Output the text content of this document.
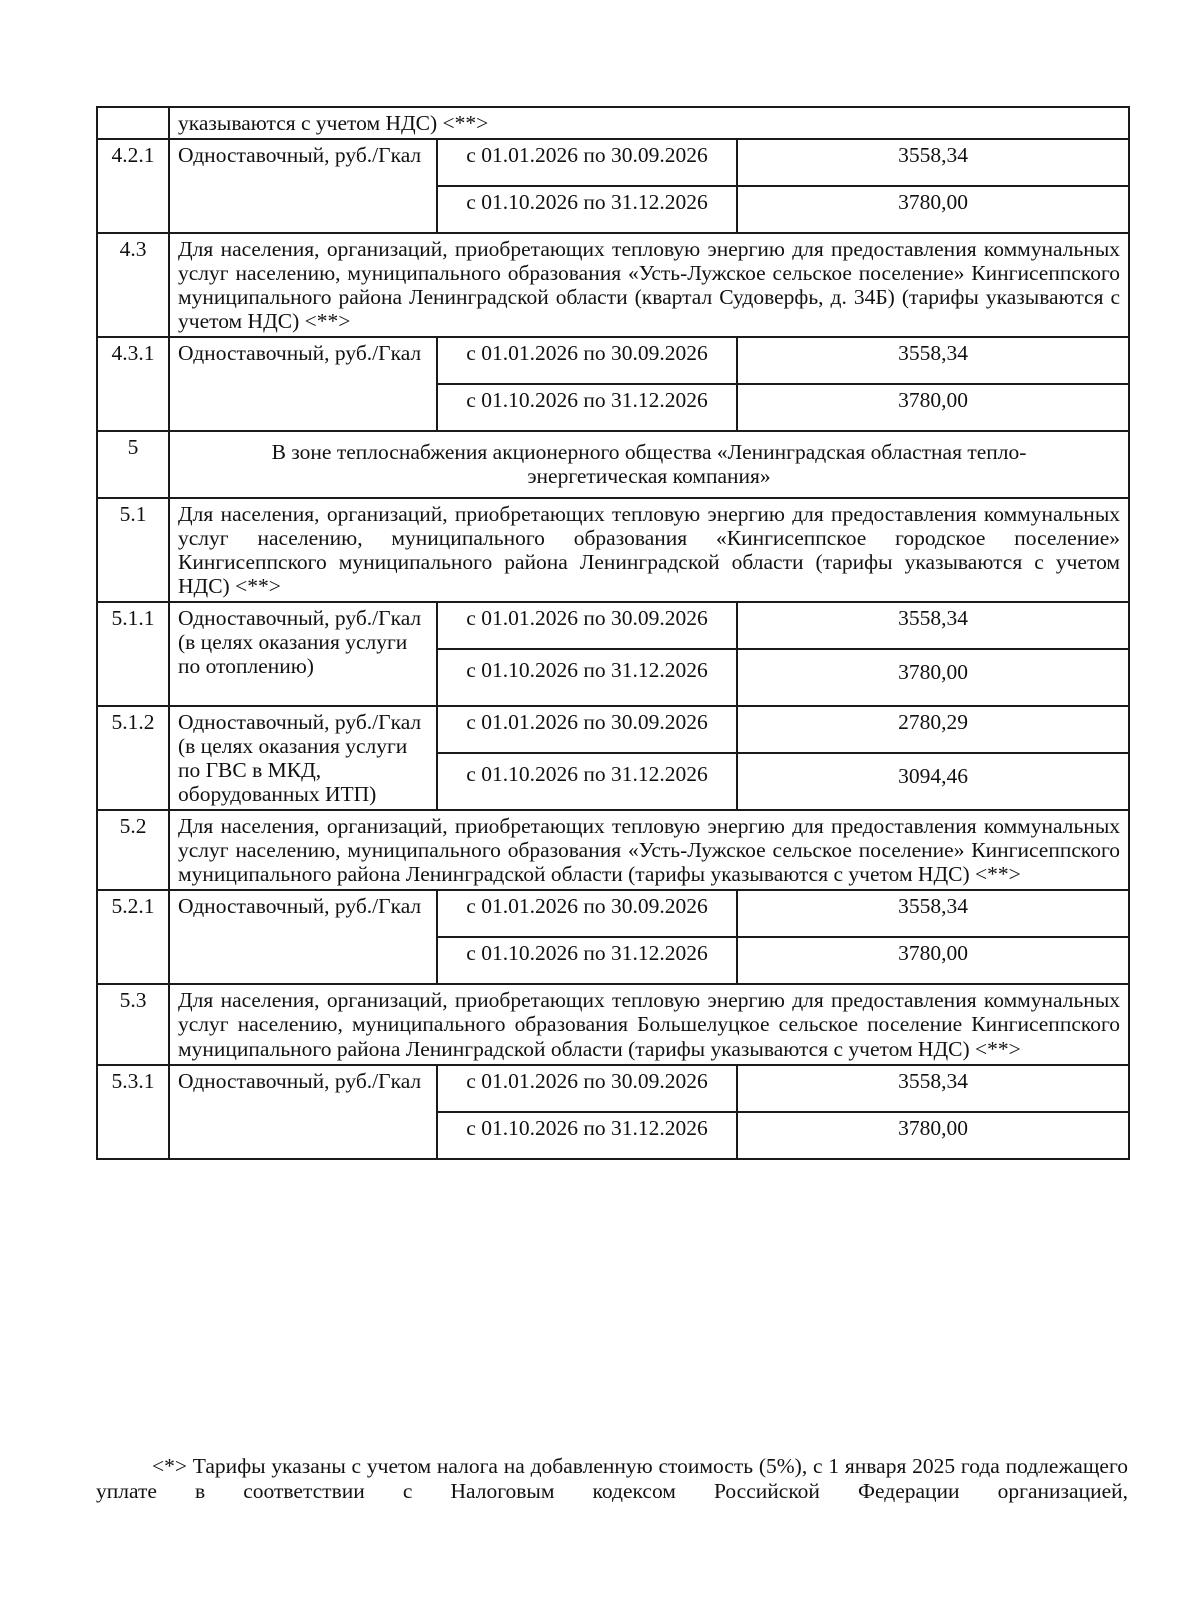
	указываются с учетом НДС) <**>		
4.2.1	Одноставочный, руб./Гкал	с 01.01.2026 по 30.09.2026	3558,34
		с 01.10.2026 по 31.12.2026	3780,00
4.3	Для населения, организаций, приобретающих тепловую энергию для предоставления коммунальных услуг населению, муниципального образования «Усть-Лужское сельское поселение» Кингисеппского муниципального района Ленинградской области (квартал Судоверфь, д. 34Б) (тарифы указываются с учетом НДС) <**>		
4.3.1	Одноставочный, руб./Гкал	с 01.01.2026 по 30.09.2026	3558,34
		с 01.10.2026 по 31.12.2026	3780,00
5	В зоне теплоснабжения акционерного общества «Ленинградская областная тепло-энергетическая компания»		
5.1	Для населения, организаций, приобретающих тепловую энергию для предоставления коммунальных услуг населению, муниципального образования «Кингисеппское городское поселение» Кингисеппского муниципального района Ленинградской области (тарифы указываются с учетом НДС) <**>		
5.1.1	Одноставочный, руб./Гкал (в целях оказания услуги по отоплению)	с 01.01.2026 по 30.09.2026	3558,34
		с 01.10.2026 по 31.12.2026	3780,00
5.1.2	Одноставочный, руб./Гкал (в целях оказания услуги по ГВС в МКД, оборудованных ИТП)	с 01.01.2026 по 30.09.2026	2780,29
		с 01.10.2026 по 31.12.2026	3094,46
5.2	Для населения, организаций, приобретающих тепловую энергию для предоставления коммунальных услуг населению, муниципального образования «Усть-Лужское сельское поселение» Кингисеппского муниципального района Ленинградской области (тарифы указываются с учетом НДС) <**>		
5.2.1	Одноставочный, руб./Гкал	с 01.01.2026 по 30.09.2026	3558,34
		с 01.10.2026 по 31.12.2026	3780,00
5.3	Для населения, организаций, приобретающих тепловую энергию для предоставления коммунальных услуг населению, муниципального образования Большелуцкое сельское поселение Кингисеппского муниципального района Ленинградской области (тарифы указываются с учетом НДС) <**>		
5.3.1	Одноставочный, руб./Гкал	с 01.01.2026 по 30.09.2026	3558,34
		с 01.10.2026 по 31.12.2026	3780,00

<*> Тарифы указаны с учетом налога на добавленную стоимость (5%), с 1 января 2025 года подлежащего уплате в соответствии с Налоговым кодексом Российской Федерации организацией,
